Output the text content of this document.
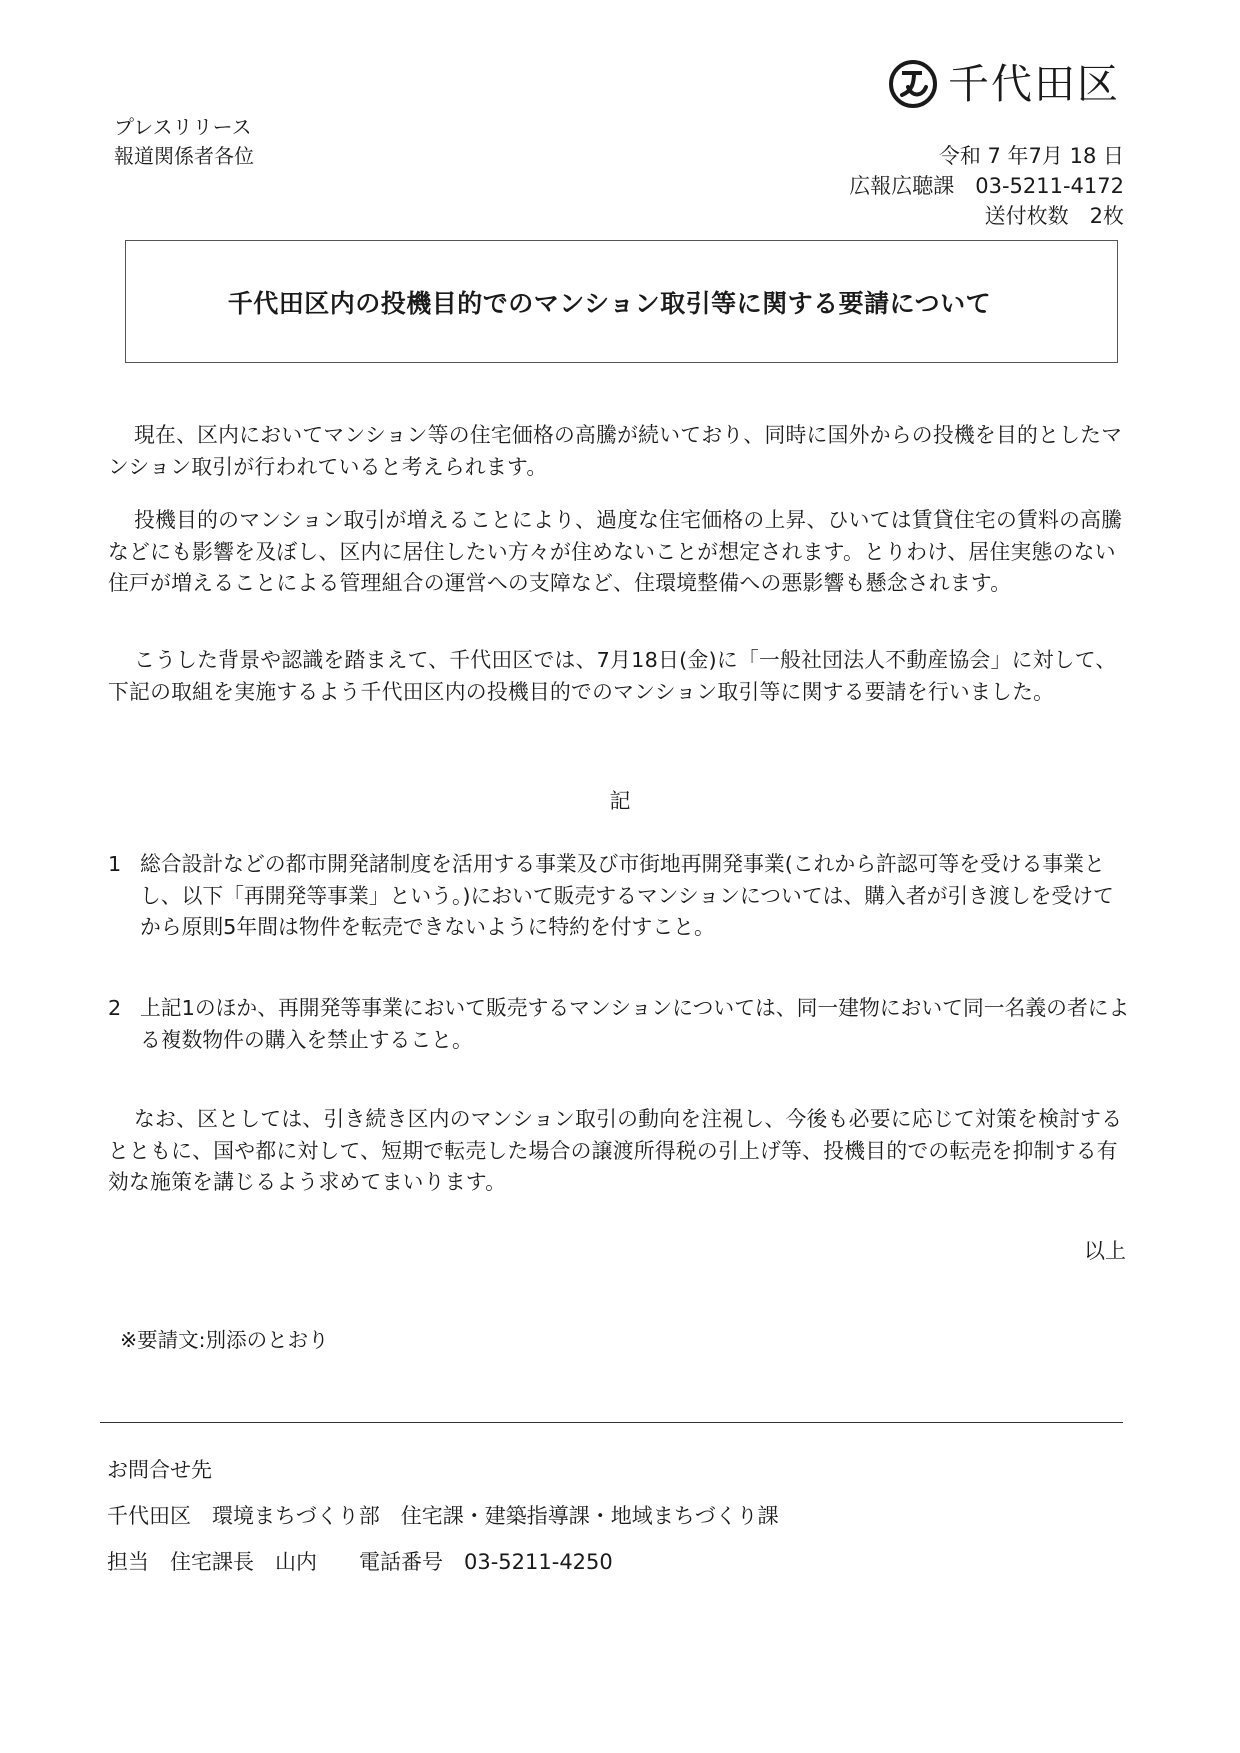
千代田区
プレスリリース
報道関係者各位	令和 7 年7月 18 日
広報広聴課　03-5211-4172
送付枚数　2枚
千代田区内の投機目的でのマンション取引等に関する要請について
現在、区内においてマンション等の住宅価格の高騰が続いており、同時に国外からの投機を目的としたマンション取引が行われていると考えられます。
投機目的のマンション取引が増えることにより、過度な住宅価格の上昇、ひいては賃貸住宅の賃料の高騰などにも影響を及ぼし、区内に居住したい方々が住めないことが想定されます。とりわけ、居住実態のない住戸が増えることによる管理組合の運営への支障など、住環境整備への悪影響も懸念されます。
こうした背景や認識を踏まえて、千代田区では、7月18日(金)に「一般社団法人不動産協会」に対して、下記の取組を実施するよう千代田区内の投機目的でのマンション取引等に関する要請を行いました。
記
1 総合設計などの都市開発諸制度を活用する事業及び市街地再開発事業(これから許認可等を受ける事業とし、以下「再開発等事業」という。)において販売するマンションについては、購入者が引き渡しを受けてから原則5年間は物件を転売できないように特約を付すこと。
2 上記1のほか、再開発等事業において販売するマンションについては、同一建物において同一名義の者による複数物件の購入を禁止すること。
なお、区としては、引き続き区内のマンション取引の動向を注視し、今後も必要に応じて対策を検討するとともに、国や都に対して、短期で転売した場合の譲渡所得税の引上げ等、投機目的での転売を抑制する有効な施策を講じるよう求めてまいります。
以上
※要請文:別添のとおり
お問合せ先
千代田区　環境まちづくり部　住宅課・建築指導課・地域まちづくり課
担当　住宅課長　山内　　電話番号　03-5211-4250
